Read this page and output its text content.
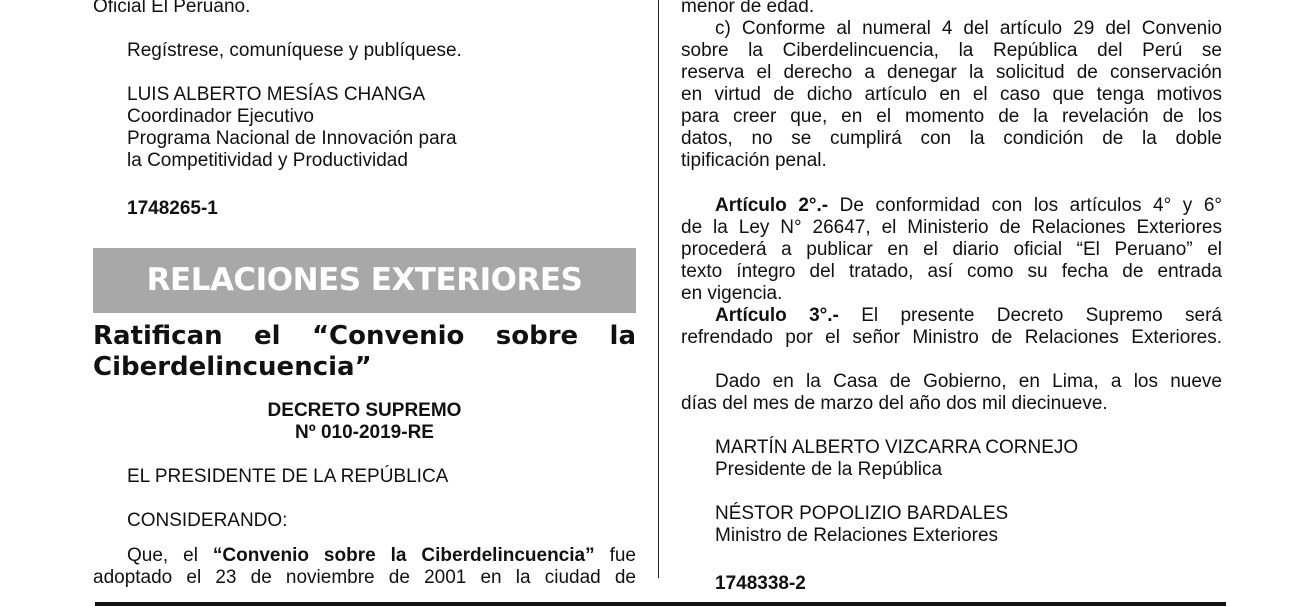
Oficial El Peruano.

Regístrese, comuníquese y publíquese.

LUIS ALBERTO MESÍAS CHANGA
Coordinador Ejecutivo
Programa Nacional de Innovación para
la Competitividad y Productividad

1748265-1

RELACIONES EXTERIORES
Ratifican el “Convenio sobre la
Ciberdelincuencia”
DECRETO SUPREMO
Nº 010-2019-RE

EL PRESIDENTE DE LA REPÚBLICA

CONSIDERANDO:

Que, el “Convenio sobre la Ciberdelincuencia” fue
adoptado el 23 de noviembre de 2001 en la ciudad de

menor de edad.

c) Conforme al numeral 4 del artículo 29 del Convenio
sobre la Ciberdelincuencia, la República del Perú se
reserva el derecho a denegar la solicitud de conservación
en virtud de dicho artículo en el caso que tenga motivos
para creer que, en el momento de la revelación de los
datos, no se cumplirá con la condición de la doble
tipificación penal.
Artículo 2°.- De conformidad con los artículos 4° y 6°
de la Ley N° 26647, el Ministerio de Relaciones Exteriores
procederá a publicar en el diario oficial “El Peruano” el
texto íntegro del tratado, así como su fecha de entrada
en vigencia.
Artículo 3°.- El presente Decreto Supremo será
refrendado por el señor Ministro de Relaciones Exteriores.
Dado en la Casa de Gobierno, en Lima, a los nueve
días del mes de marzo del año dos mil diecinueve.
MARTÍN ALBERTO VIZCARRA CORNEJO
Presidente de la República
NÉSTOR POPOLIZIO BARDALES
Ministro de Relaciones Exteriores

1748338-2
